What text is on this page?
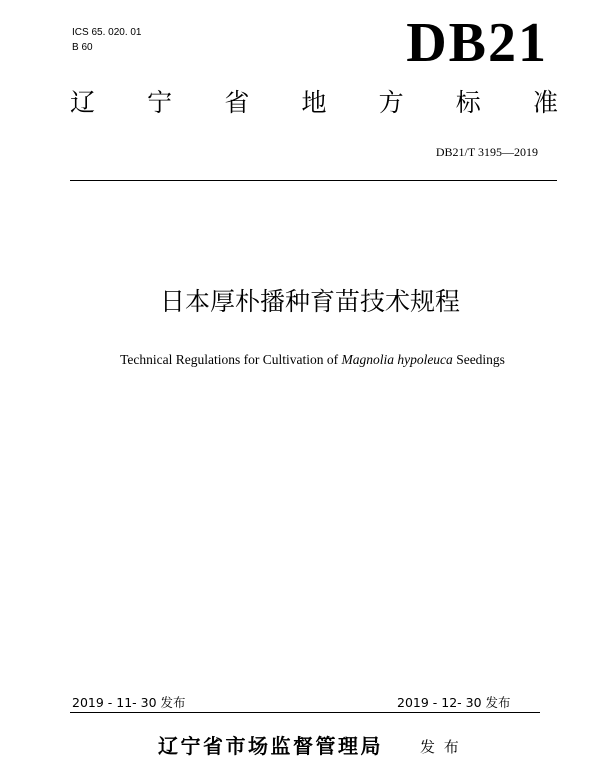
ICS 65. 020. 01
B 60	DB21
辽 宁 省 地 方 标 准
DB21/T 3195—2019
日本厚朴播种育苗技术规程
Technical Regulations for Cultivation of Magnolia hypoleuca Seedings
2019 - 11- 30 发布	2019 - 12- 30 发布
辽宁省市场监督管理局 发 布
